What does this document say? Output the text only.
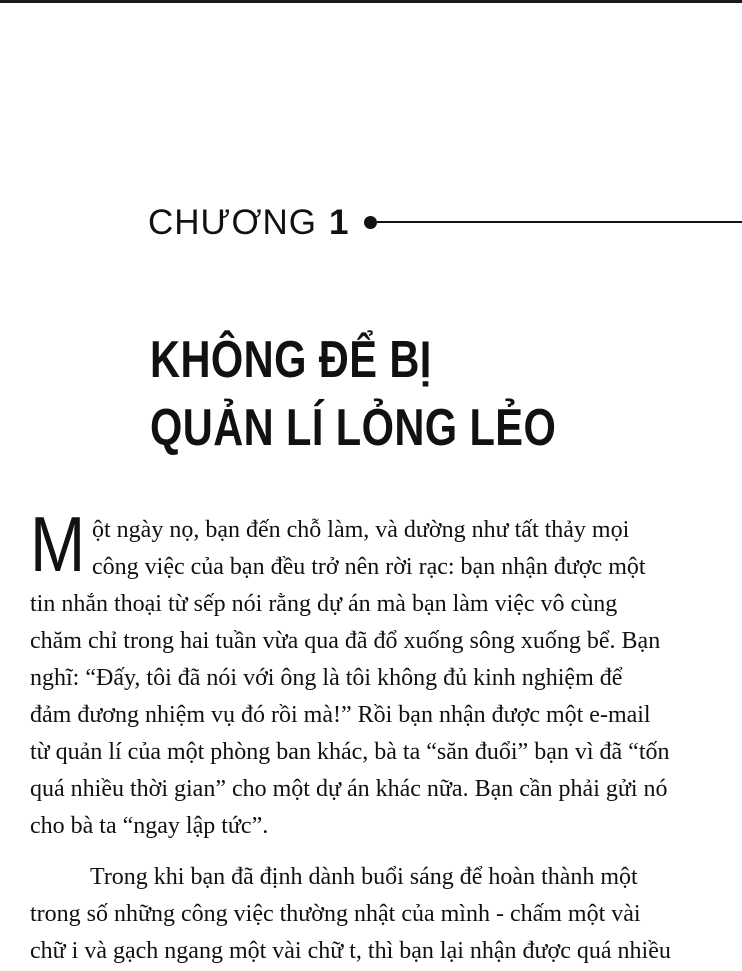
CHƯƠNG 1
KHÔNG ĐỂ BỊ
QUẢN LÍ LỎNG LẺO
M ột ngày nọ, bạn đến chỗ làm, và dường như tất thảy mọi
công việc của bạn đều trở nên rời rạc: bạn nhận được một
tin nhắn thoại từ sếp nói rằng dự án mà bạn làm việc vô cùng
chăm chỉ trong hai tuần vừa qua đã đổ xuống sông xuống bể. Bạn
nghĩ: “Đấy, tôi đã nói với ông là tôi không đủ kinh nghiệm để
đảm đương nhiệm vụ đó rồi mà!” Rồi bạn nhận được một e-mail
từ quản lí của một phòng ban khác, bà ta “săn đuổi” bạn vì đã “tốn
quá nhiều thời gian” cho một dự án khác nữa. Bạn cần phải gửi nó
cho bà ta “ngay lập tức”.
Trong khi bạn đã định dành buổi sáng để hoàn thành một
trong số những công việc thường nhật của mình - chấm một vài
chữ i và gạch ngang một vài chữ t, thì bạn lại nhận được quá nhiều
